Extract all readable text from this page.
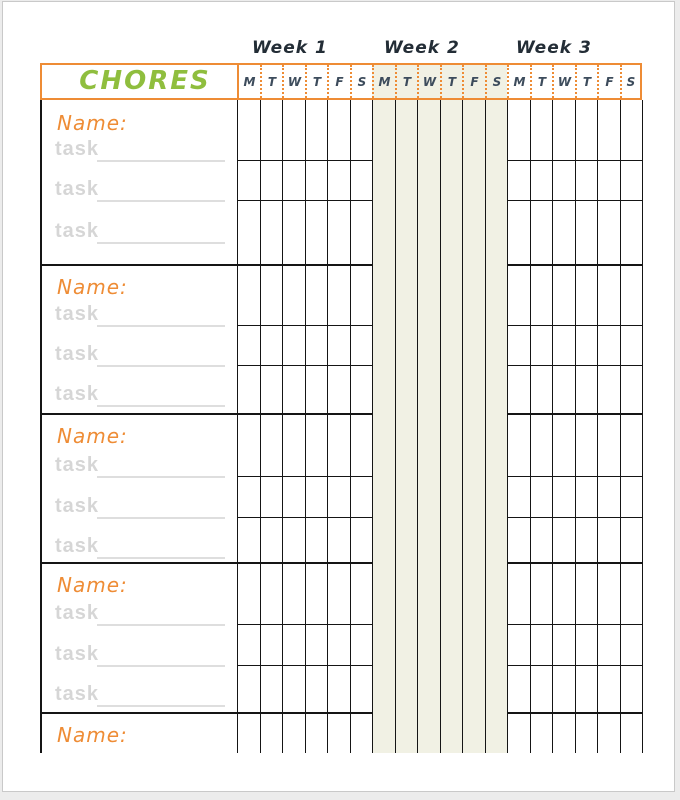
Week 1	Week 2	Week 3
CHORES	M T W T F S M T W T F S M T W T F S
Name:
task
task
task
Name:
task
task
task
Name:
task
task
task
Name:
task
task
task
Name:
